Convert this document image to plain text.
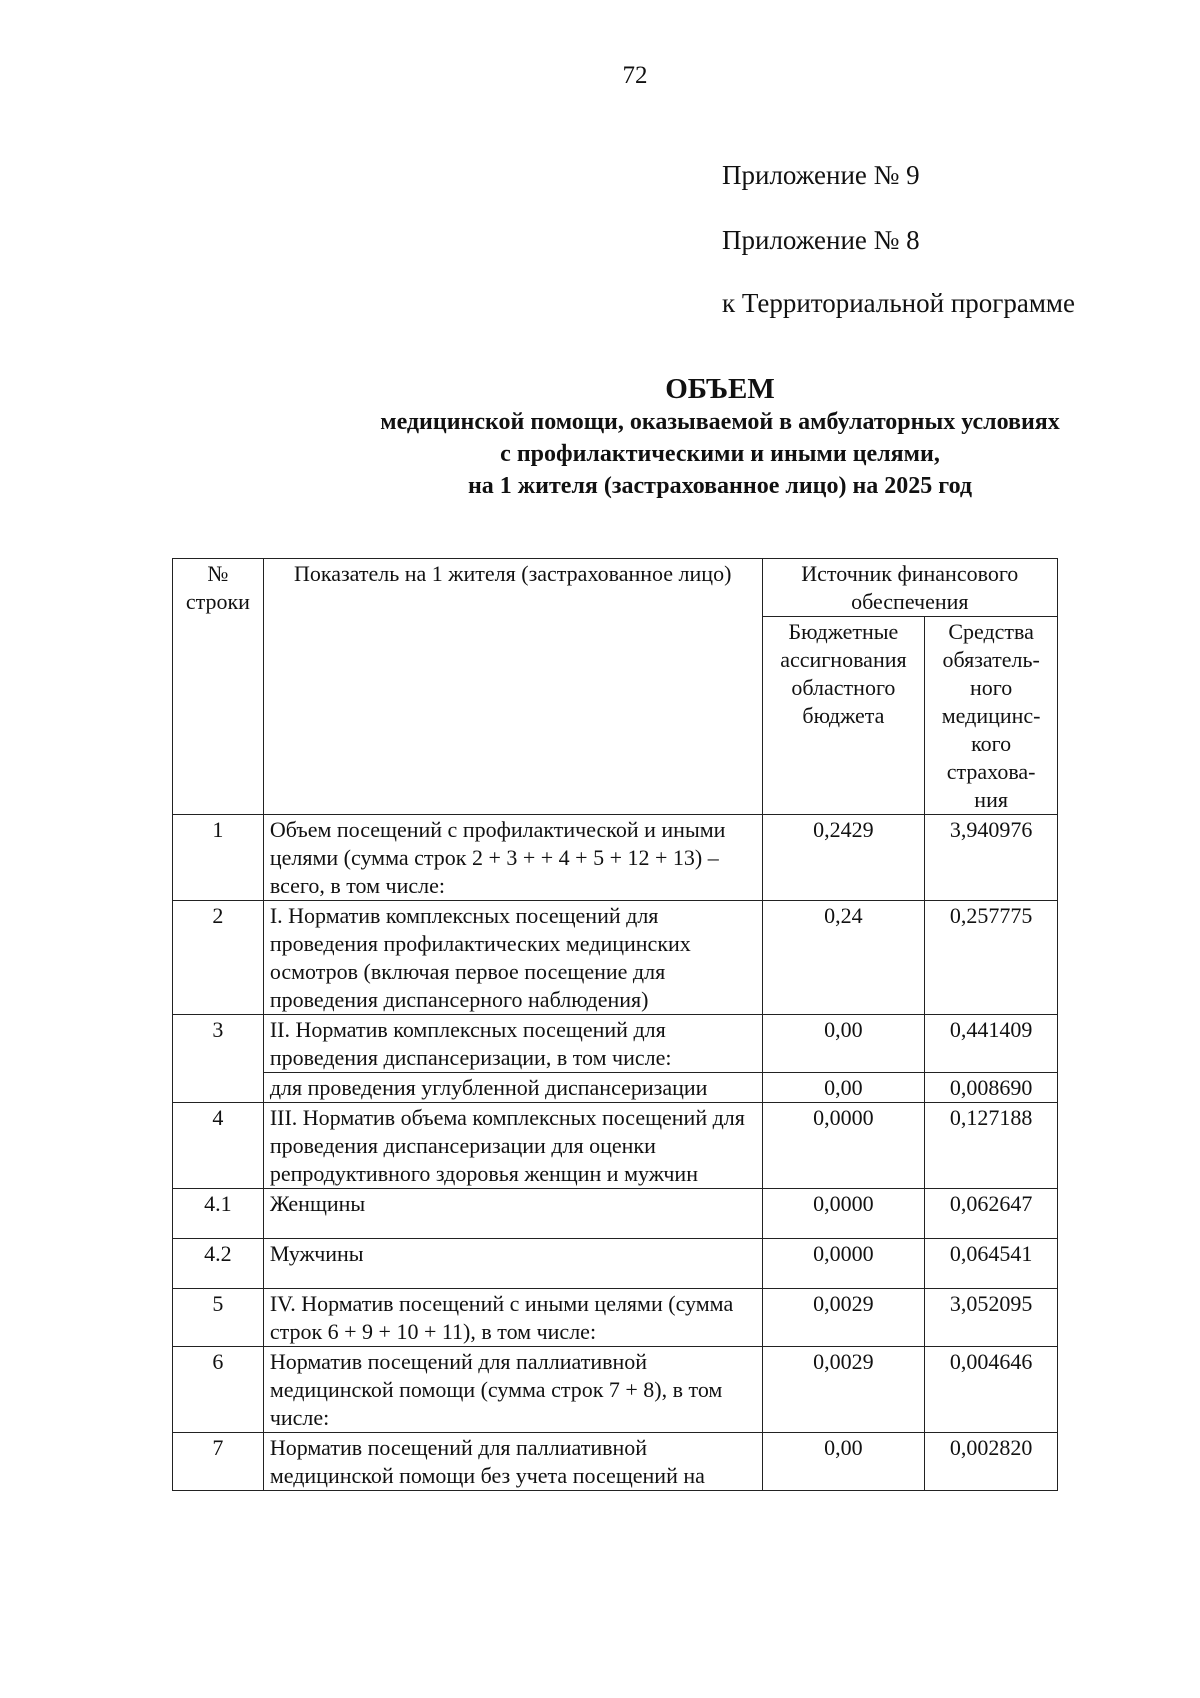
72
Приложение № 9
Приложение № 8
к Территориальной программе
ОБЪЕМ
медицинской помощи, оказываемой в амбулаторных условиях
с профилактическими и иными целями,
на 1 жителя (застрахованное лицо) на 2025 год
№ строки	Показатель на 1 жителя (застрахованное лицо)	Источник финансового обеспечения	
		Бюджетные ассигнования областного бюджета	Средства обязатель- ного медицинс- кого страхова- ния
1	Объем посещений с профилактической и иными целями (сумма строк 2 + 3 + + 4 + 5 + 12 + 13) – всего, в том числе:	0,2429	3,940976
2	I. Норматив комплексных посещений для проведения профилактических медицинских осмотров (включая первое посещение для проведения диспансерного наблюдения)	0,24	0,257775
3	II. Норматив комплексных посещений для проведения диспансеризации, в том числе:	0,00	0,441409
	для проведения углубленной диспансеризации	0,00	0,008690
4	III. Норматив объема комплексных посещений для проведения диспансеризации для оценки репродуктивного здоровья женщин и мужчин	0,0000	0,127188
4.1	Женщины	0,0000	0,062647
4.2	Мужчины	0,0000	0,064541
5	IV. Норматив посещений с иными целями (сумма строк 6 + 9 + 10 + 11), в том числе:	0,0029	3,052095
6	Норматив посещений для паллиативной медицинской помощи (сумма строк 7 + 8), в том числе:	0,0029	0,004646
7	Норматив посещений для паллиативной медицинской помощи без учета посещений на	0,00	0,002820
